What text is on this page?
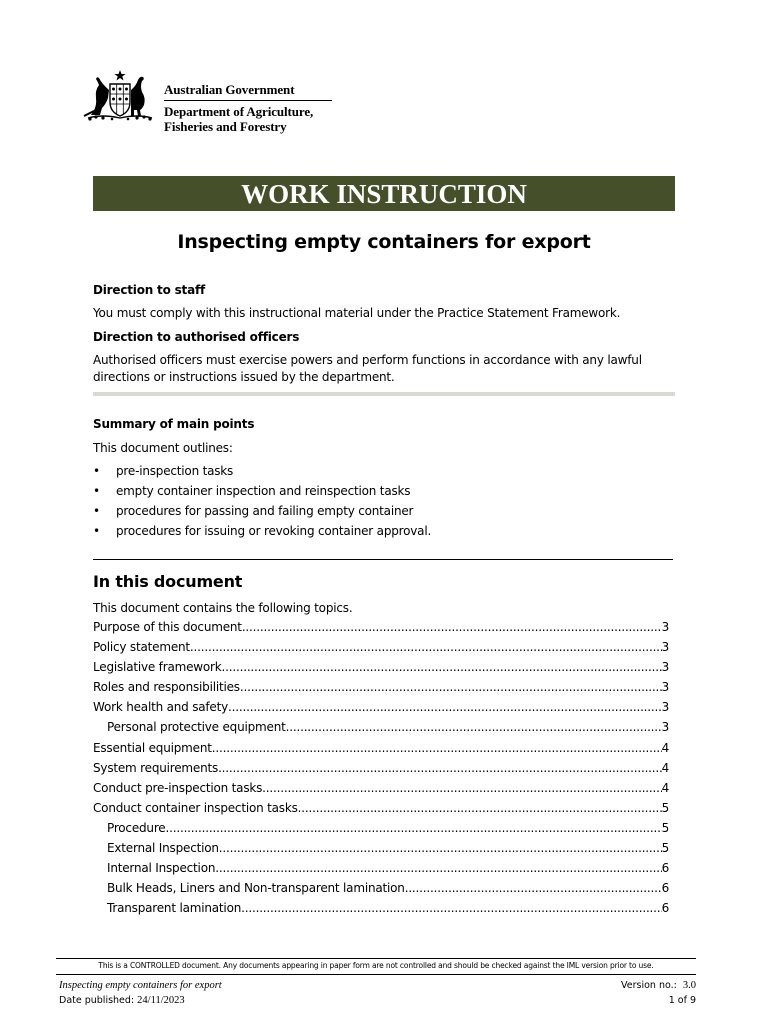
Australian Government
Department of Agriculture,
Fisheries and Forestry
WORK INSTRUCTION
Inspecting empty containers for export
Direction to staff
You must comply with this instructional material under the Practice Statement Framework.
Direction to authorised officers
Authorised officers must exercise powers and perform functions in accordance with any lawful directions or instructions issued by the department.
Summary of main points
This document outlines:
• pre-inspection tasks
• empty container inspection and reinspection tasks
• procedures for passing and failing empty container
• procedures for issuing or revoking container approval.
In this document
This document contains the following topics.
Purpose of this document .....	3
Policy statement .....	3
Legislative framework .....	3
Roles and responsibilities .....	3
Work health and safety .....	3
Personal protective equipment .....	3
Essential equipment .....	4
System requirements .....	4
Conduct pre-inspection tasks .....	4
Conduct container inspection tasks .....	5
Procedure .....	5
External Inspection .....	5
Internal Inspection .....	6
Bulk Heads, Liners and Non-transparent lamination .....	6
Transparent lamination .....	6
This is a CONTROLLED document. Any documents appearing in paper form are not controlled and should be checked against the IML version prior to use.
Inspecting empty containers for export
Date published: 24/11/2023
Version no.: 3.0
1 of 9
